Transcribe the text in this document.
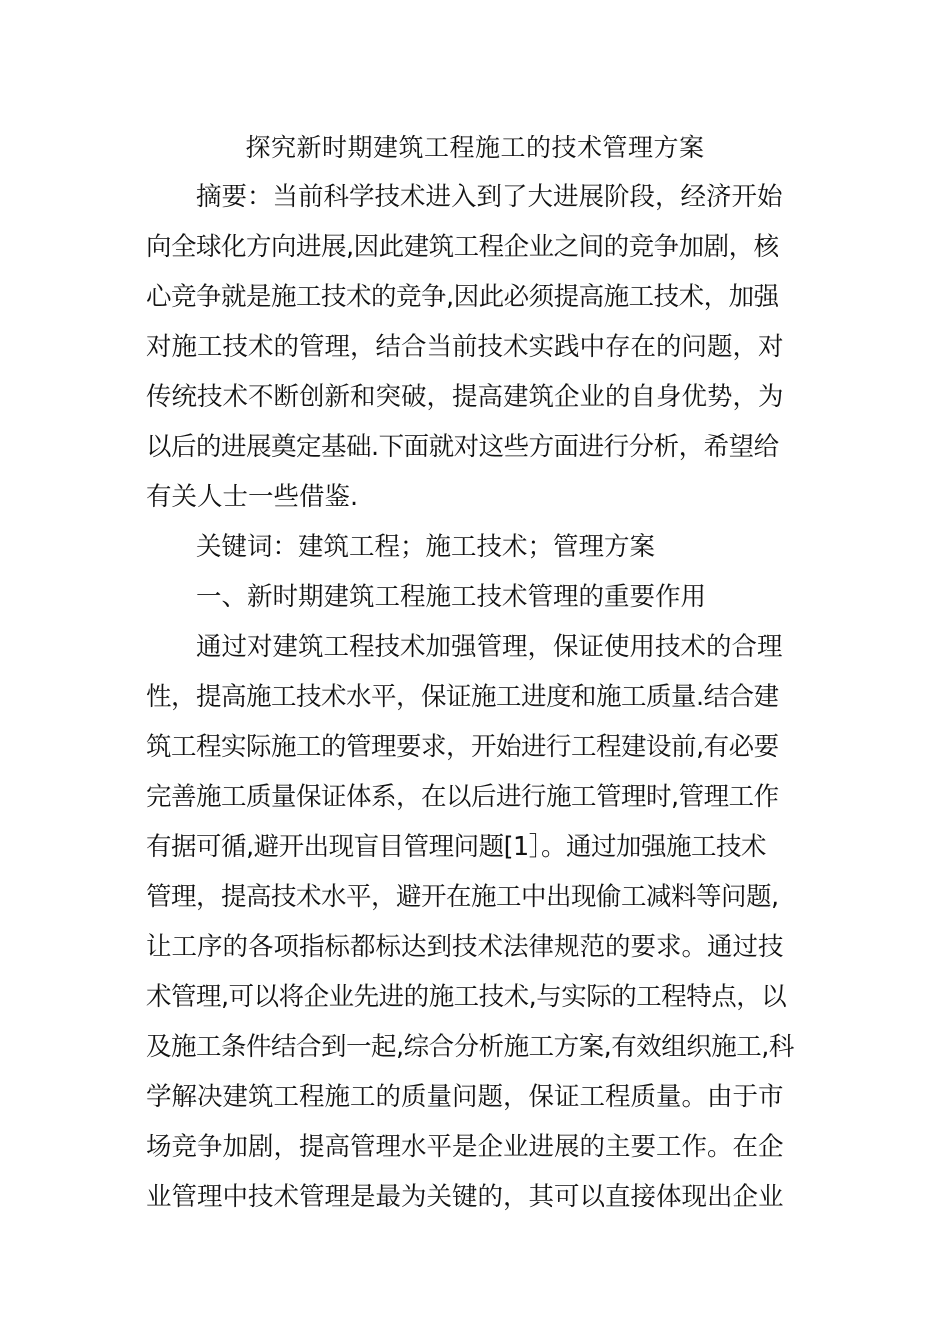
探究新时期建筑工程施工的技术管理方案
摘要：当前科学技术进入到了大进展阶段，经济开始
向全球化方向进展,因此建筑工程企业之间的竞争加剧，核
心竞争就是施工技术的竞争,因此必须提高施工技术，加强
对施工技术的管理，结合当前技术实践中存在的问题，对
传统技术不断创新和突破，提高建筑企业的自身优势，为
以后的进展奠定基础.下面就对这些方面进行分析，希望给
有关人士一些借鉴.
关键词：建筑工程；施工技术；管理方案
一、新时期建筑工程施工技术管理的重要作用
通过对建筑工程技术加强管理，保证使用技术的合理
性，提高施工技术水平，保证施工进度和施工质量.结合建
筑工程实际施工的管理要求，开始进行工程建设前,有必要
完善施工质量保证体系，在以后进行施工管理时,管理工作
有据可循,避开出现盲目管理问题[1］。通过加强施工技术
管理，提高技术水平，避开在施工中出现偷工减料等问题,
让工序的各项指标都标达到技术法律规范的要求。通过技
术管理,可以将企业先进的施工技术,与实际的工程特点，以
及施工条件结合到一起,综合分析施工方案,有效组织施工,科
学解决建筑工程施工的质量问题，保证工程质量。由于市
场竞争加剧，提高管理水平是企业进展的主要工作。在企
业管理中技术管理是最为关键的，其可以直接体现出企业
